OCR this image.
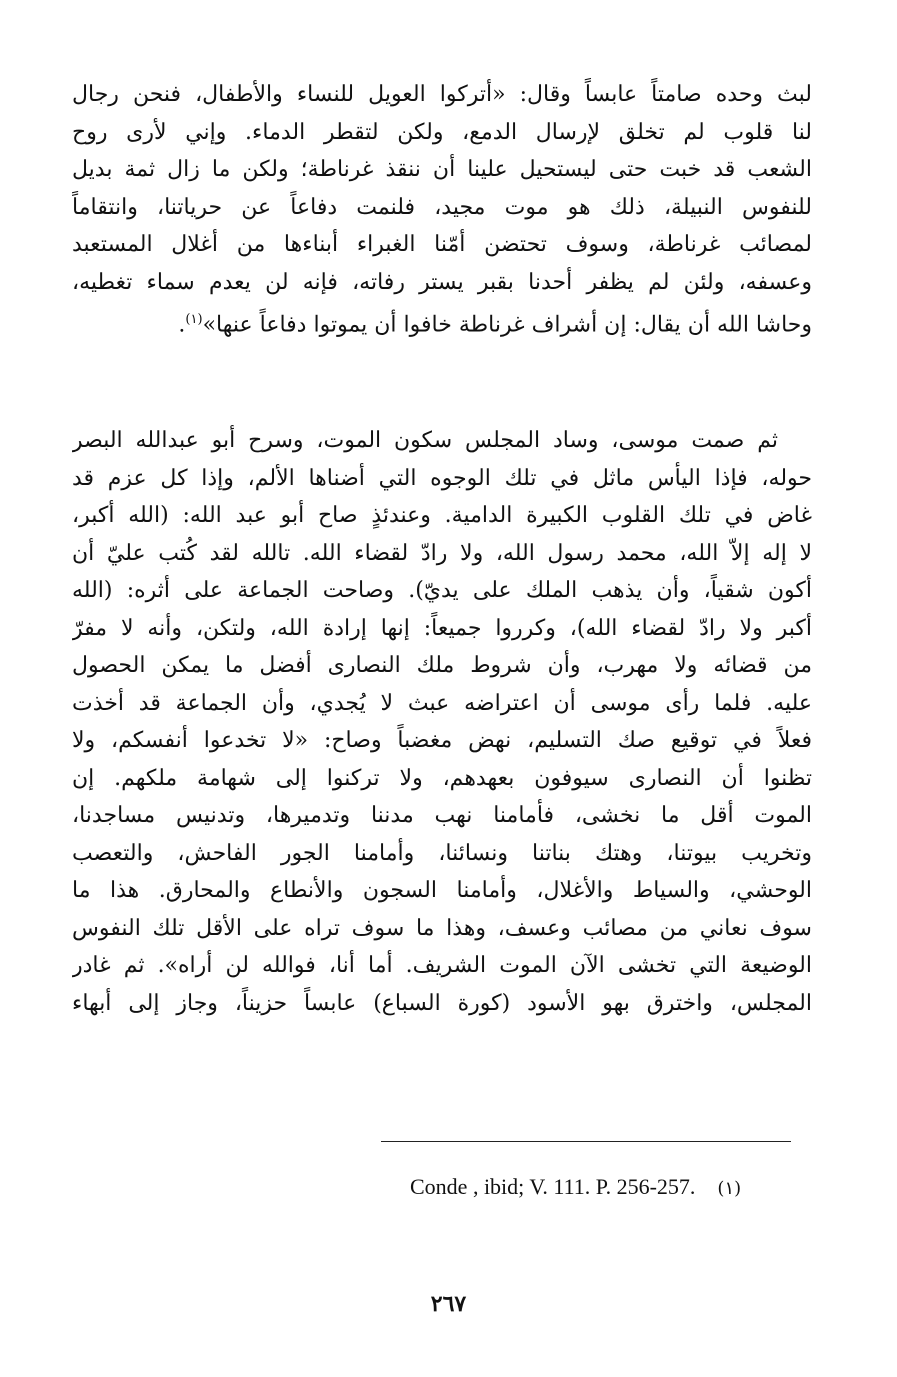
لبث وحده صامتاً عابساً وقال: «أتركوا العويل للنساء والأطفال، فنحن رجال
لنا قلوب لم تخلق لإرسال الدمع، ولكن لتقطر الدماء. وإني لأرى روح
الشعب قد خبت حتى ليستحيل علينا أن ننقذ غرناطة؛ ولكن ما زال ثمة بديل
للنفوس النبيلة، ذلك هو موت مجيد، فلنمت دفاعاً عن حرياتنا، وانتقاماً
لمصائب غرناطة، وسوف تحتضن أمّنا الغبراء أبناءها من أغلال المستعبد
وعسفه، ولئن لم يظفر أحدنا بقبر يستر رفاته، فإنه لن يعدم سماء تغطيه،
وحاشا الله أن يقال: إن أشراف غرناطة خافوا أن يموتوا دفاعاً عنها»$^{(١)}$.
ثم صمت موسى، وساد المجلس سكون الموت، وسرح أبو عبدالله البصر
حوله، فإذا اليأس ماثل في تلك الوجوه التي أضناها الألم، وإذا كل عزم قد
غاض في تلك القلوب الكبيرة الدامية. وعندئذٍ صاح أبو عبد الله: (الله أكبر،
لا إله إلاّ الله، محمد رسول الله، ولا رادّ لقضاء الله. تالله لقد كُتب عليّ أن
أكون شقياً، وأن يذهب الملك على يديّ). وصاحت الجماعة على أثره: (الله
أكبر ولا رادّ لقضاء الله)، وكرروا جميعاً: إنها إرادة الله، ولتكن، وأنه لا مفرّ
من قضائه ولا مهرب، وأن شروط ملك النصارى أفضل ما يمكن الحصول
عليه. فلما رأى موسى أن اعتراضه عبث لا يُجدي، وأن الجماعة قد أخذت
فعلاً في توقيع صك التسليم، نهض مغضباً وصاح: «لا تخدعوا أنفسكم، ولا
تظنوا أن النصارى سيوفون بعهدهم، ولا تركنوا إلى شهامة ملكهم. إن
الموت أقل ما نخشى، فأمامنا نهب مدننا وتدميرها، وتدنيس مساجدنا،
وتخريب بيوتنا، وهتك بناتنا ونسائنا، وأمامنا الجور الفاحش، والتعصب
الوحشي، والسياط والأغلال، وأمامنا السجون والأنطاع والمحارق. هذا ما
سوف نعاني من مصائب وعسف، وهذا ما سوف تراه على الأقل تلك النفوس
الوضيعة التي تخشى الآن الموت الشريف. أما أنا، فوالله لن أراه». ثم غادر
المجلس، واخترق بهو الأسود (كورة السباع) عابساً حزيناً، وجاز إلى أبهاء
Conde , ibid; V. 111. P. 256-257. (١)
٢٦٧
